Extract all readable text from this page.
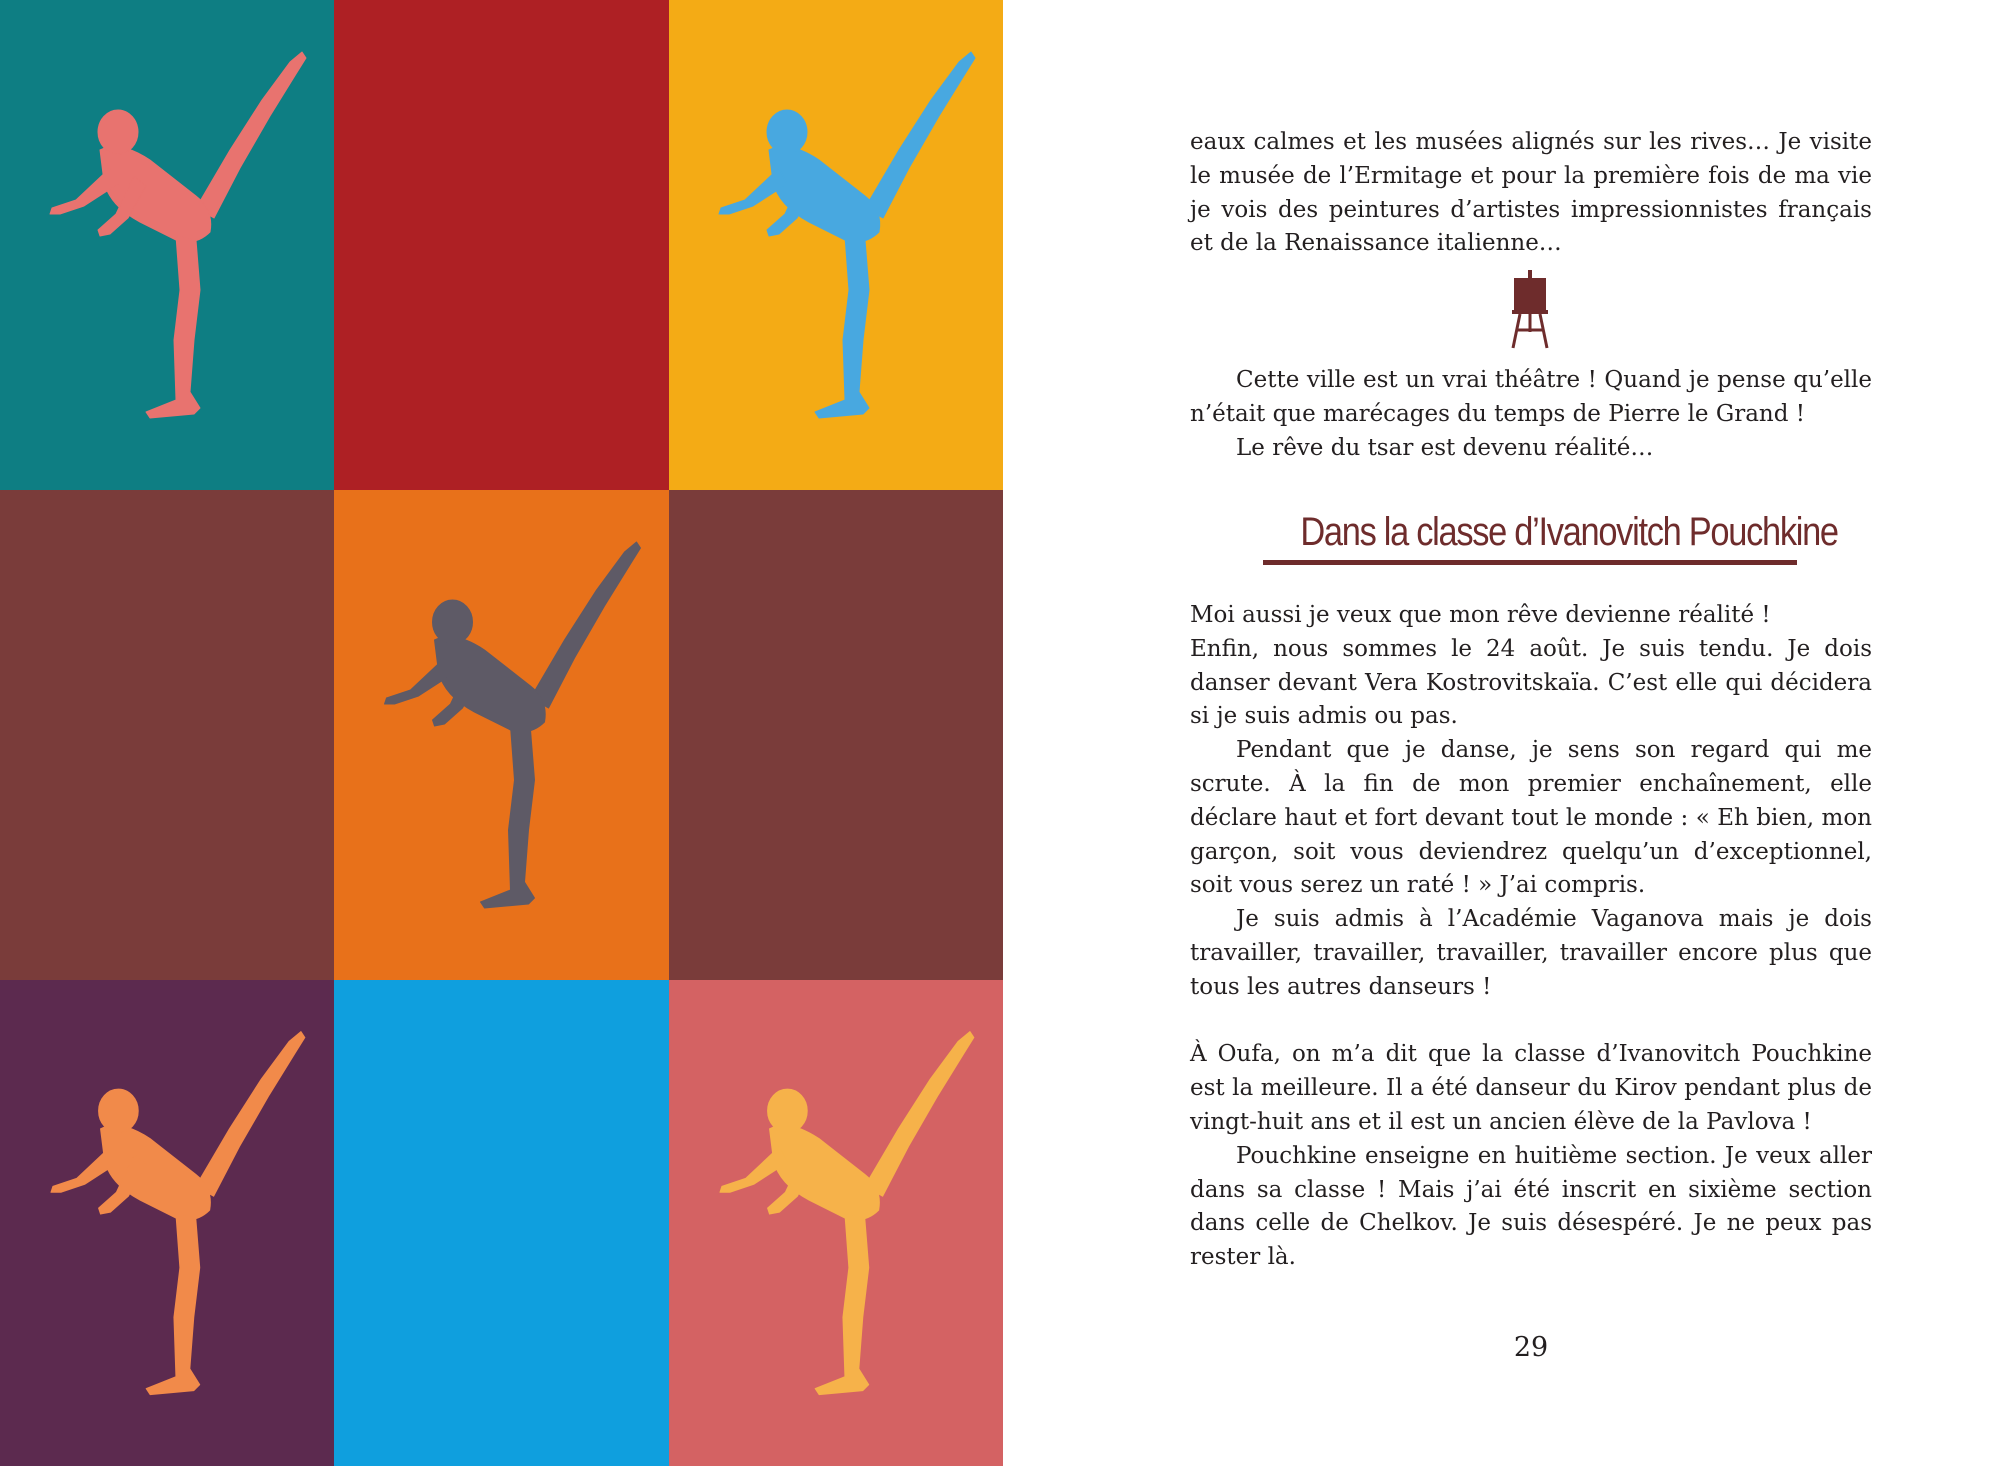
eaux calmes et les musées alignés sur les rives… Je visite le musée de l’Ermitage et pour la première fois de ma vie je vois des peintures d’artistes impressionnistes français et de la Renaissance italienne…

Cette ville est un vrai théâtre ! Quand je pense qu’elle n’était que marécages du temps de Pierre le Grand !

Le rêve du tsar est devenu réalité…

Dans la classe d’Ivanovitch Pouchkine

Moi aussi je veux que mon rêve devienne réalité !

Enfin, nous sommes le 24 août. Je suis tendu. Je dois danser devant Vera Kostrovitskaïa. C’est elle qui décidera si je suis admis ou pas.

Pendant que je danse, je sens son regard qui me scrute. À la fin de mon premier enchaînement, elle déclare haut et fort devant tout le monde : « Eh bien, mon garçon, soit vous deviendrez quelqu’un d’exceptionnel, soit vous serez un raté ! » J’ai compris.

Je suis admis à l’Académie Vaganova mais je dois travailler, travailler, travailler, travailler encore plus que tous les autres danseurs !

À Oufa, on m’a dit que la classe d’Ivanovitch Pouchkine est la meilleure. Il a été danseur du Kirov pendant plus de vingt-huit ans et il est un ancien élève de la Pavlova !

Pouchkine enseigne en huitième section. Je veux aller dans sa classe ! Mais j’ai été inscrit en sixième section dans celle de Chelkov. Je suis désespéré. Je ne peux pas rester là.

29
